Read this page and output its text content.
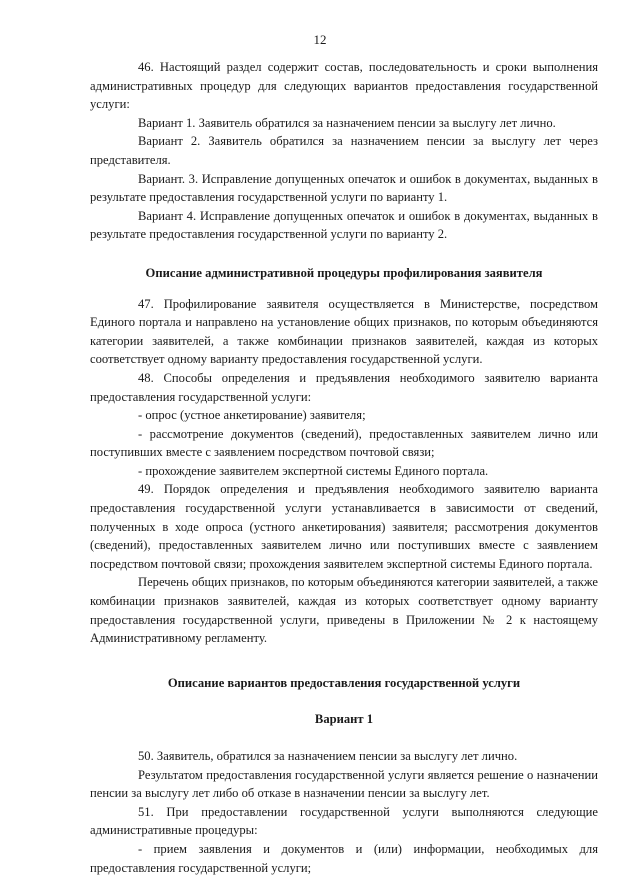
12

46. Настоящий раздел содержит состав, последовательность и сроки выполнения административных процедур для следующих вариантов предоставления государственной услуги:

Вариант 1. Заявитель обратился за назначением пенсии за выслугу лет лично.

Вариант 2. Заявитель обратился за назначением пенсии за выслугу лет через представителя.

Вариант. 3. Исправление допущенных опечаток и ошибок в документах, выданных в результате предоставления государственной услуги по варианту 1.

Вариант 4. Исправление допущенных опечаток и ошибок в документах, выданных в результате предоставления государственной услуги по варианту 2.

Описание административной процедуры профилирования заявителя

47. Профилирование заявителя осуществляется в Министерстве, посредством Единого портала и направлено на установление общих признаков, по которым объединяются категории заявителей, а также комбинации признаков заявителей, каждая из которых соответствует одному варианту предоставления государственной услуги.

48. Способы определения и предъявления необходимого заявителю варианта предоставления государственной услуги:

- опрос (устное анкетирование) заявителя;

- рассмотрение документов (сведений), предоставленных заявителем лично или поступивших вместе с заявлением посредством почтовой связи;

- прохождение заявителем экспертной системы Единого портала.

49. Порядок определения и предъявления необходимого заявителю варианта предоставления государственной услуги устанавливается в зависимости от сведений, полученных в ходе опроса (устного анкетирования) заявителя; рассмотрения документов (сведений), предоставленных заявителем лично или поступивших вместе с заявлением посредством почтовой связи; прохождения заявителем экспертной системы Единого портала.

Перечень общих признаков, по которым объединяются категории заявителей, а также комбинации признаков заявителей, каждая из которых соответствует одному варианту предоставления государственной услуги, приведены в Приложении № 2 к настоящему Административному регламенту.

Описание вариантов предоставления государственной услуги
Вариант 1

50. Заявитель, обратился за назначением пенсии за выслугу лет лично.

Результатом предоставления государственной услуги является решение о назначении пенсии за выслугу лет либо об отказе в назначении пенсии за выслугу лет.

51. При предоставлении государственной услуги выполняются следующие административные процедуры:

- прием заявления и документов и (или) информации, необходимых для предоставления государственной услуги;
